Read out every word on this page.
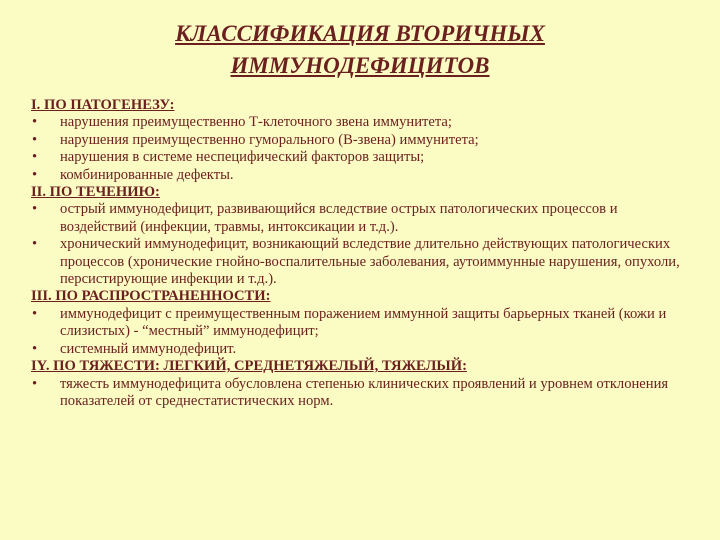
КЛАССИФИКАЦИЯ ВТОРИЧНЫХ
ИММУНОДЕФИЦИТОВ
I. ПО ПАТОГЕНЕЗУ:
• нарушения преимущественно Т-клеточного звена иммунитета;
• нарушения преимущественно гуморального (В-звена) иммунитета;
• нарушения в системе неспецифический факторов защиты;
• комбинированные дефекты.
II. ПО ТЕЧЕНИЮ:
• острый иммунодефицит, развивающийся вследствие острых патологических процессов и воздействий (инфекции, травмы, интоксикации и т.д.).
• хронический иммунодефицит, возникающий вследствие длительно действующих патологических процессов (хронические гнойно-воспалительные заболевания, аутоиммунные нарушения, опухоли, персистирующие инфекции и т.д.).
III. ПО РАСПРОСТРАНЕННОСТИ:
• иммунодефицит с преимущественным поражением иммунной защиты барьерных тканей (кожи и слизистых) - “местный” иммунодефицит;
• системный иммунодефицит.
IY. ПО ТЯЖЕСТИ: ЛЕГКИЙ, СРЕДНЕТЯЖЕЛЫЙ, ТЯЖЕЛЫЙ:
• тяжесть иммунодефицита обусловлена степенью клинических проявлений и уровнем отклонения показателей от среднестатистических норм.
